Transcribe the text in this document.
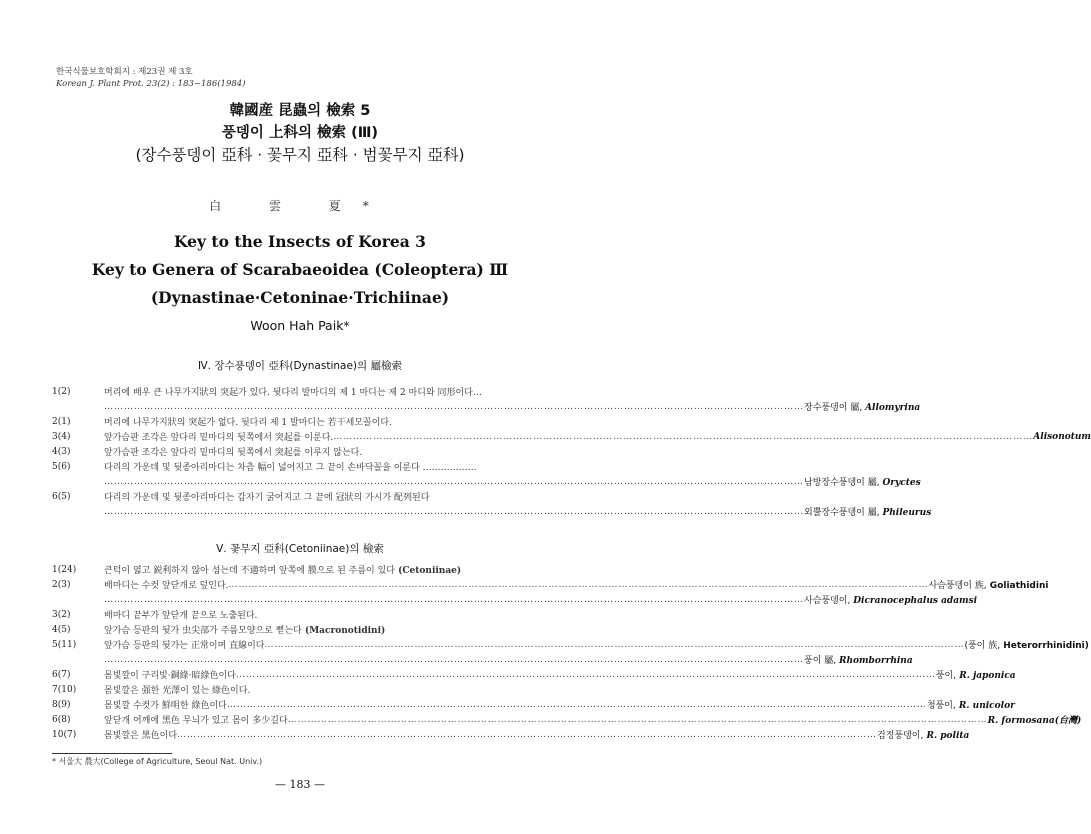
한국식물보호학회지 : 제23권 제 3호
Korean J. Plant Prot. 23(2) : 183~186(1984)
韓國産 昆蟲의 檢索 5
풍뎅이 上科의 檢索 (Ⅲ)
(장수풍뎅이 亞科 · 꽃무지 亞科 · 범꽃무지 亞科)
白 雲 夏*
Key to the Insects of Korea 3
Key to Genera of Scarabaeoidea (Coleoptera) Ⅲ
(Dynastinae·Cetoninae·Trichiinae)
Woon Hah Paik*
Ⅳ. 장수풍뎅이 亞科(Dynastinae)의 屬檢索
1(2)	머리에 배우 큰 나무가지狀의 突起가 있다. 뒷다리 발마디의 제 1 마디는 제 2 마디와 同形이다…
…………………………………………………………………………………………………………………………………………………………………………………………
장수풍뎅이 屬, Allomyrina
2(1)	머리에 나무가지狀의 突起가 없다. 뒷다리 제 1 발마디는 若干세모꼴이다.
3(4)	앞가슴판 조각은 앞다리 밑마디의 뒷쪽에서 突起를 이룬다. …………………………………………………………………………………………………………………………………………………………………………………………	Alisonotum
4(3)	앞가슴판 조각은 앞다리 밑마디의 뒷쪽에서 突起를 이루지 않는다.
5(6)	다리의 가운데 및 뒷종아리마디는 차츰 幅이 넓어지고 그 끝이 손바닥꼴을 이룬다 ………………
…………………………………………………………………………………………………………………………………………………………………………………………
남방장수풍뎅이 屬, Oryctes
6(5)	다리의 가운데 및 뒷종아리마디는 갑자기 굵어지고 그 끝에 冠狀의 가시가 配列된다
…………………………………………………………………………………………………………………………………………………………………………………………
외뿔장수풍뎅이 屬, Phileurus
Ⅴ. 꽃무지 亞科(Cetoniinae)의 檢索
1(24)	큰턱이 엷고 鋭利하지 않아 섬는데 不適하며 앞쪽에 膜으로 된 주름이 있다 (Cetoniinae)
2(3)	배마디는 수컷 앞닫개로 덮인다. …………………………………………………………………………………………………………………………………………………………………………………………	사슴풍뎅이 族, Goliathidini
…………………………………………………………………………………………………………………………………………………………………………………………
사슴풍뎅이, Dicranocephalus adamsi
3(2)	배마디 끝부가 앞닫개 끝으로 노출된다.
4(5)	앞가슴 등판의 뒷가 虫尖部가 주름모양으로 뻗는다 (Macronotidini)
5(11)	앞가슴 등판의 뒷가는 正常이며 直線이다 …………………………………………………………………………………………………………………………………………………………………………………………	(풍이 族, Heterorrhinidini)
…………………………………………………………………………………………………………………………………………………………………………………………
풍이 屬, Rhomborrhina
6(7)	몸빛깔이 구리빛·銅綠·暗綠色이다 …………………………………………………………………………………………………………………………………………………………………………………………	풍이, R. japonica
7(10)	몸빛깔은 强한 光澤이 있는 綠色이다.
8(9)	몸빛깔 수컷가 鮮明한 綠色이다 …………………………………………………………………………………………………………………………………………………………………………………………	청풍이, R. unicolor
6(8)	앞닫개 어깨에 黑色 무늬가 있고 몸이 多少길다 …………………………………………………………………………………………………………………………………………………………………………………………	R. formosana(台灣)
10(7)	몸빛깔은 黑色이다 …………………………………………………………………………………………………………………………………………………………………………………………	검정풍뎅이, R. polita
* 서울大 農大(College of Agriculture, Seoul Nat. Univ.)
— 183 —
